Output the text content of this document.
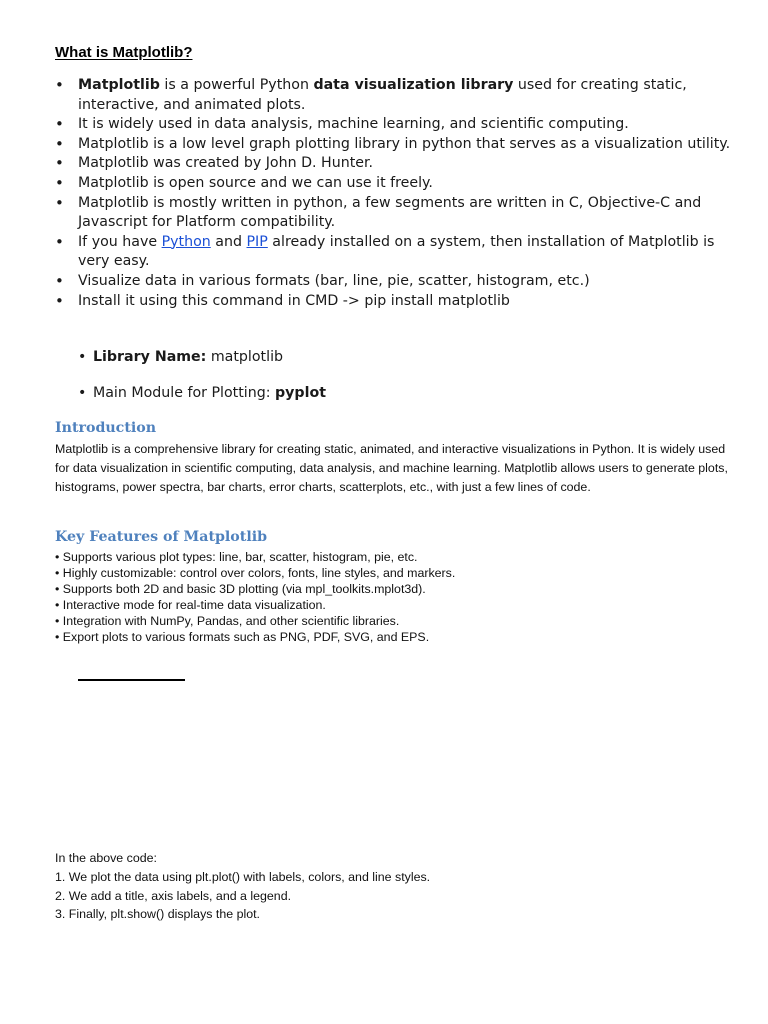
What is Matplotlib?
• Matplotlib is a powerful Python data visualization library used for creating static, interactive, and animated plots.
• It is widely used in data analysis, machine learning, and scientific computing.
• Matplotlib is a low level graph plotting library in python that serves as a visualization utility.
• Matplotlib was created by John D. Hunter.
• Matplotlib is open source and we can use it freely.
• Matplotlib is mostly written in python, a few segments are written in C, Objective-C and Javascript for Platform compatibility.
• If you have Python and PIP already installed on a system, then installation of Matplotlib is very easy.
• Visualize data in various formats (bar, line, pie, scatter, histogram, etc.)
• Install it using this command in CMD -> pip install matplotlib
• Library Name: matplotlib
• Main Module for Plotting: pyplot
Introduction
Matplotlib is a comprehensive library for creating static, animated, and interactive visualizations in Python. It is widely used for data visualization in scientific computing, data analysis, and machine learning. Matplotlib allows users to generate plots, histograms, power spectra, bar charts, error charts, scatterplots, etc., with just a few lines of code.
Key Features of Matplotlib
• Supports various plot types: line, bar, scatter, histogram, pie, etc.
• Highly customizable: control over colors, fonts, line styles, and markers.
• Supports both 2D and basic 3D plotting (via mpl_toolkits.mplot3d).
• Interactive mode for real-time data visualization.
• Integration with NumPy, Pandas, and other scientific libraries.
• Export plots to various formats such as PNG, PDF, SVG, and EPS.
In the above code:
1. We plot the data using plt.plot() with labels, colors, and line styles.
2. We add a title, axis labels, and a legend.
3. Finally, plt.show() displays the plot.
